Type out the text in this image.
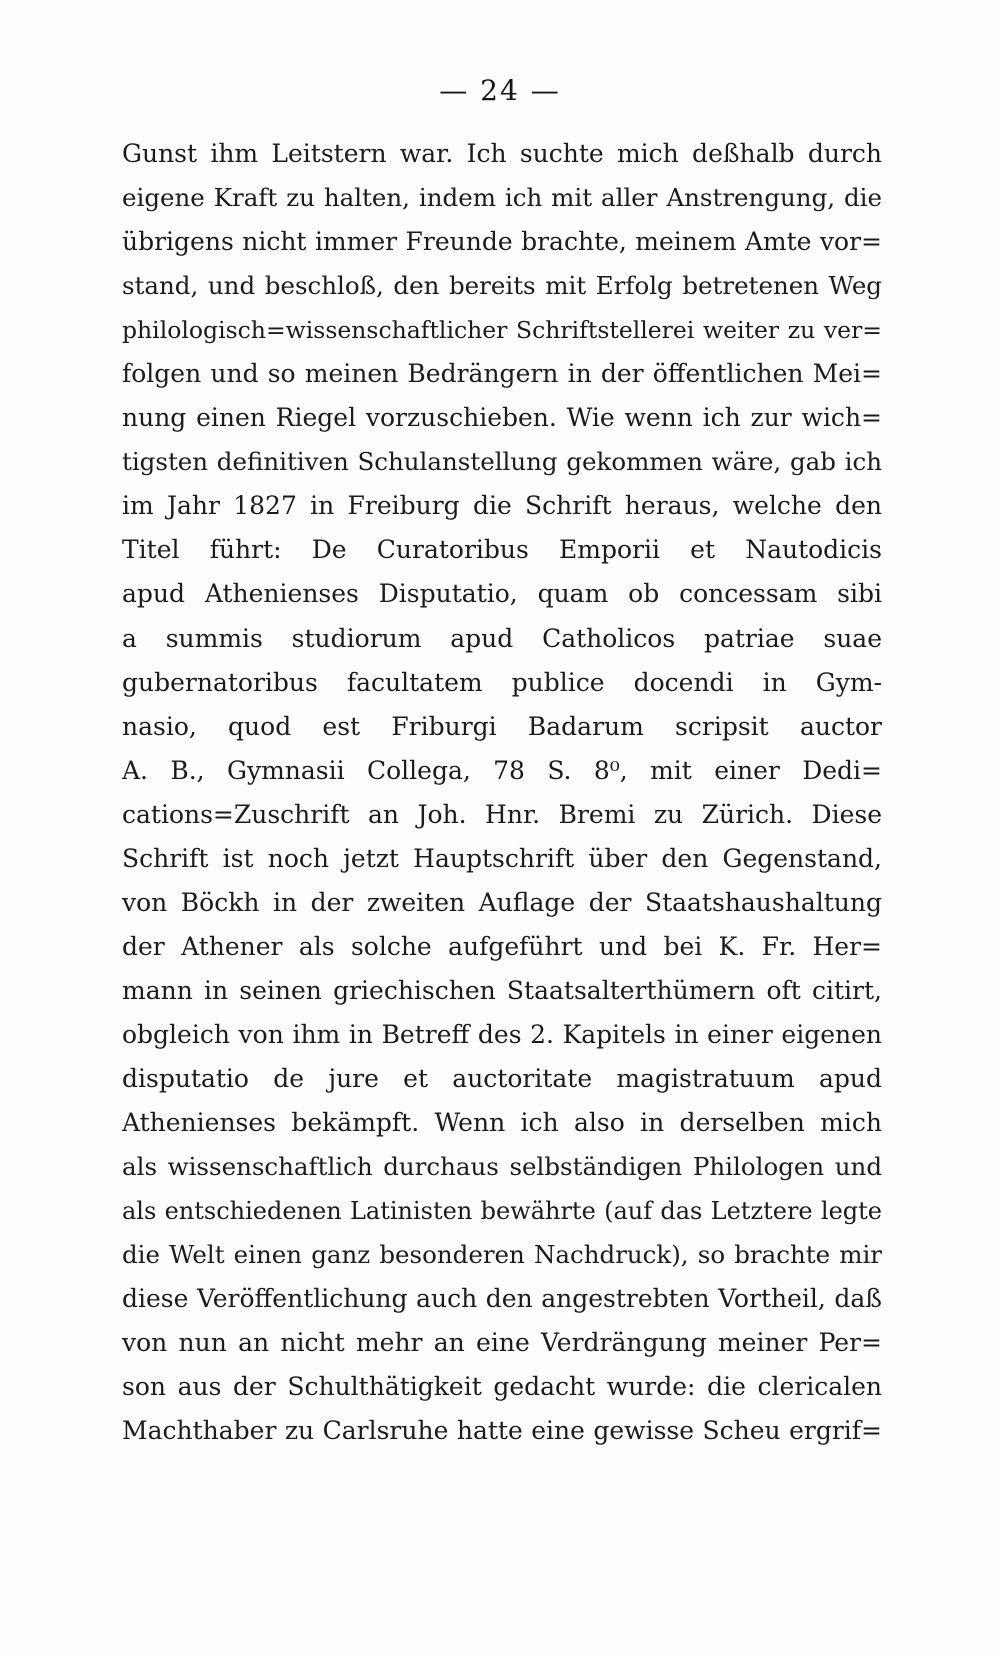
— 24 —
Gunst ihm Leitstern war. Ich suchte mich deßhalb durch
eigene Kraft zu halten, indem ich mit aller Anstrengung, die
übrigens nicht immer Freunde brachte, meinem Amte vor=
stand, und beschloß, den bereits mit Erfolg betretenen Weg
philologisch=wissenschaftlicher Schriftstellerei weiter zu ver=
folgen und so meinen Bedrängern in der öffentlichen Mei=
nung einen Riegel vorzuschieben. Wie wenn ich zur wich=
tigsten definitiven Schulanstellung gekommen wäre, gab ich
im Jahr 1827 in Freiburg die Schrift heraus, welche den
Titel führt: De Curatoribus Emporii et Nautodicis
apud Athenienses Disputatio, quam ob concessam sibi
a summis studiorum apud Catholicos patriae suae
gubernatoribus facultatem publice docendi in Gym-
nasio, quod est Friburgi Badarum scripsit auctor
A. B., Gymnasii Collega, 78 S. 8⁰, mit einer Dedi=
cations=Zuschrift an Joh. Hnr. Bremi zu Zürich. Diese
Schrift ist noch jetzt Hauptschrift über den Gegenstand,
von Böckh in der zweiten Auflage der Staatshaushaltung
der Athener als solche aufgeführt und bei K. Fr. Her=
mann in seinen griechischen Staatsalterthümern oft citirt,
obgleich von ihm in Betreff des 2. Kapitels in einer eigenen
disputatio de jure et auctoritate magistratuum apud
Athenienses bekämpft. Wenn ich also in derselben mich
als wissenschaftlich durchaus selbständigen Philologen und
als entschiedenen Latinisten bewährte (auf das Letztere legte
die Welt einen ganz besonderen Nachdruck), so brachte mir
diese Veröffentlichung auch den angestrebten Vortheil, daß
von nun an nicht mehr an eine Verdrängung meiner Per=
son aus der Schulthätigkeit gedacht wurde: die clericalen
Machthaber zu Carlsruhe hatte eine gewisse Scheu ergrif=
